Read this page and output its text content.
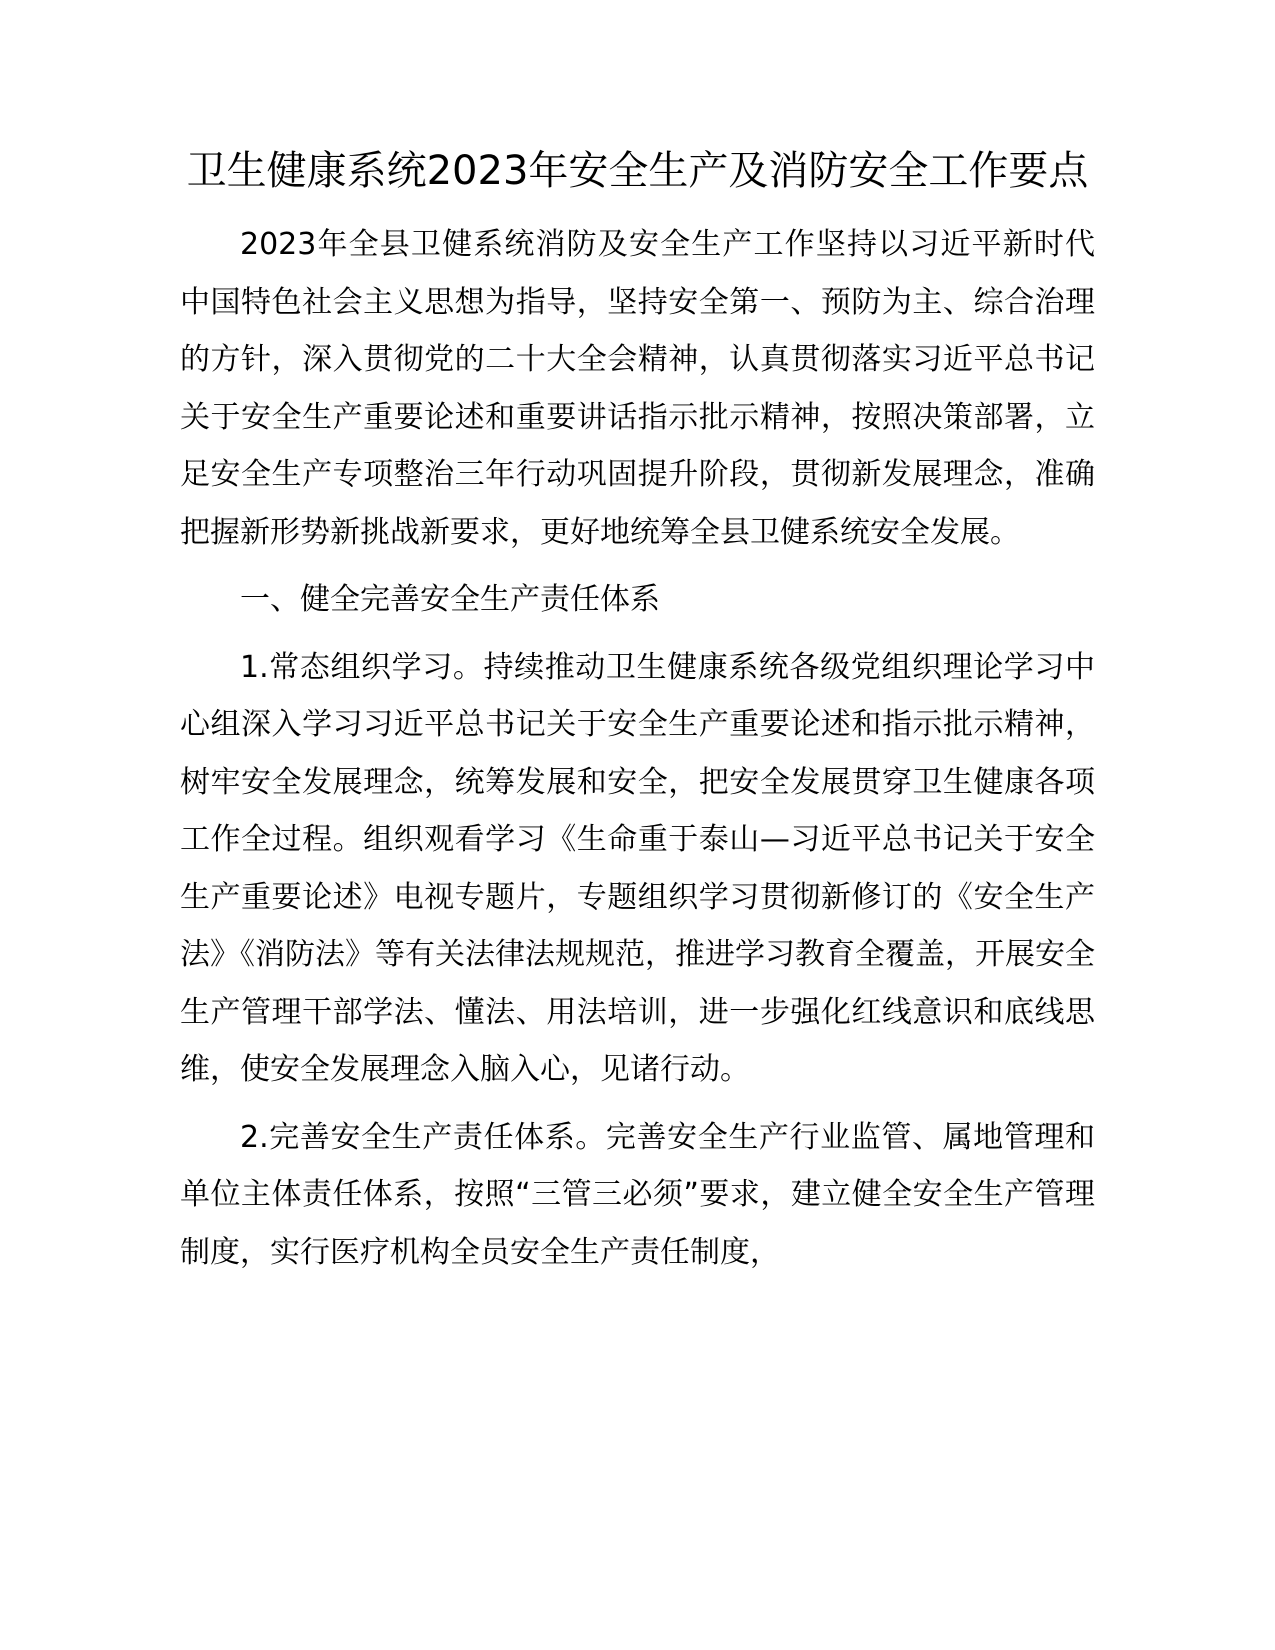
卫生健康系统2023年安全生产及消防安全工作要点

2023年全县卫健系统消防及安全生产工作坚持以习近平新时代中国特色社会主义思想为指导，坚持安全第一、预防为主、综合治理的方针，深入贯彻党的二十大全会精神，认真贯彻落实习近平总书记关于安全生产重要论述和重要讲话指示批示精神，按照决策部署，立足安全生产专项整治三年行动巩固提升阶段，贯彻新发展理念，准确把握新形势新挑战新要求，更好地统筹全县卫健系统安全发展。

一、健全完善安全生产责任体系

1.常态组织学习。持续推动卫生健康系统各级党组织理论学习中心组深入学习习近平总书记关于安全生产重要论述和指示批示精神，树牢安全发展理念，统筹发展和安全，把安全发展贯穿卫生健康各项工作全过程。组织观看学习《生命重于泰山—习近平总书记关于安全生产重要论述》电视专题片，专题组织学习贯彻新修订的《安全生产法》《消防法》等有关法律法规规范，推进学习教育全覆盖，开展安全生产管理干部学法、懂法、用法培训，进一步强化红线意识和底线思维，使安全发展理念入脑入心，见诸行动。

2.完善安全生产责任体系。完善安全生产行业监管、属地管理和单位主体责任体系，按照“三管三必须”要求，建立健全安全生产管理制度，实行医疗机构全员安全生产责任制度，
